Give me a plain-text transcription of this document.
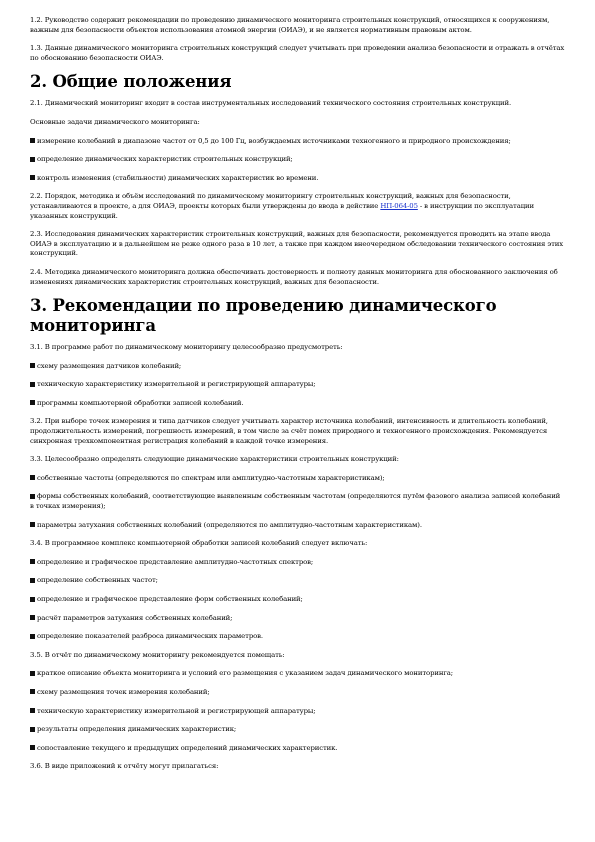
1.2. Руководство содержит рекомендации по проведению динамического мониторинга строительных конструкций, относящихся к сооружениям, важным для безопасности объектов использования атомной энергии (ОИАЭ), и не является нормативным правовым актом.

1.3. Данные динамического мониторинга строительных конструкций следует учитывать при проведении анализа безопасности и отражать в отчётах по обоснованию безопасности ОИАЭ.

2. Общие положения

2.1. Динамический мониторинг входит в состав инструментальных исследований технического состояния строительных конструкций.

Основные задачи динамического мониторинга:

измерение колебаний в диапазоне частот от 0,5 до 100 Гц, возбуждаемых источниками техногенного и природного происхождения;

определение динамических характеристик строительных конструкций;

контроль изменения (стабильности) динамических характеристик во времени.

2.2. Порядок, методика и объём исследований по динамическому мониторингу строительных конструкций, важных для безопасности, устанавливаются в проекте, а для ОИАЭ, проекты которых были утверждены до ввода в действие НП-064-05 - в инструкции по эксплуатации указанных конструкций.

2.3. Исследования динамических характеристик строительных конструкций, важных для безопасности, рекомендуется проводить на этапе ввода ОИАЭ в эксплуатацию и в дальнейшем не реже одного раза в 10 лет, а также при каждом внеочередном обследовании технического состояния этих конструкций.

2.4. Методика динамического мониторинга должна обеспечивать достоверность и полноту данных мониторинга для обоснованного заключения об изменениях динамических характеристик строительных конструкций, важных для безопасности.

3. Рекомендации по проведению динамического мониторинга

3.1. В программе работ по динамическому мониторингу целесообразно предусмотреть:

схему размещения датчиков колебаний;

техническую характеристику измерительной и регистрирующей аппаратуры;

программы компьютерной обработки записей колебаний.

3.2. При выборе точек измерения и типа датчиков следует учитывать характер источника колебаний, интенсивность и длительность колебаний, продолжительность измерений, погрешность измерений, в том числе за счёт помех природного и техногенного происхождения. Рекомендуется синхронная трехкомпонентная регистрация колебаний в каждой точке измерения.

3.3. Целесообразно определять следующие динамические характеристики строительных конструкций:

собственные частоты (определяются по спектрам или амплитудно-частотным характеристикам);

формы собственных колебаний, соответствующие выявленным собственным частотам (определяются путём фазового анализа записей колебаний в точках измерения);

параметры затухания собственных колебаний (определяются по амплитудно-частотным характеристикам).

3.4. В программное комплекс компьютерной обработки записей колебаний следует включать:

определение и графическое представление амплитудно-частотных спектров;

определение собственных частот;

определение и графическое представление форм собственных колебаний;

расчёт параметров затухания собственных колебаний;

определение показателей разброса динамических параметров.

3.5. В отчёт по динамическому мониторингу рекомендуется помещать:

краткое описание объекта мониторинга и условий его размещения с указанием задач динамического мониторинга;

схему размещения точек измерения колебаний;

техническую характеристику измерительной и регистрирующей аппаратуры;

результаты определения динамических характеристик;

сопоставление текущего и предыдущих определений динамических характеристик.

3.6. В виде приложений к отчёту могут прилагаться:
